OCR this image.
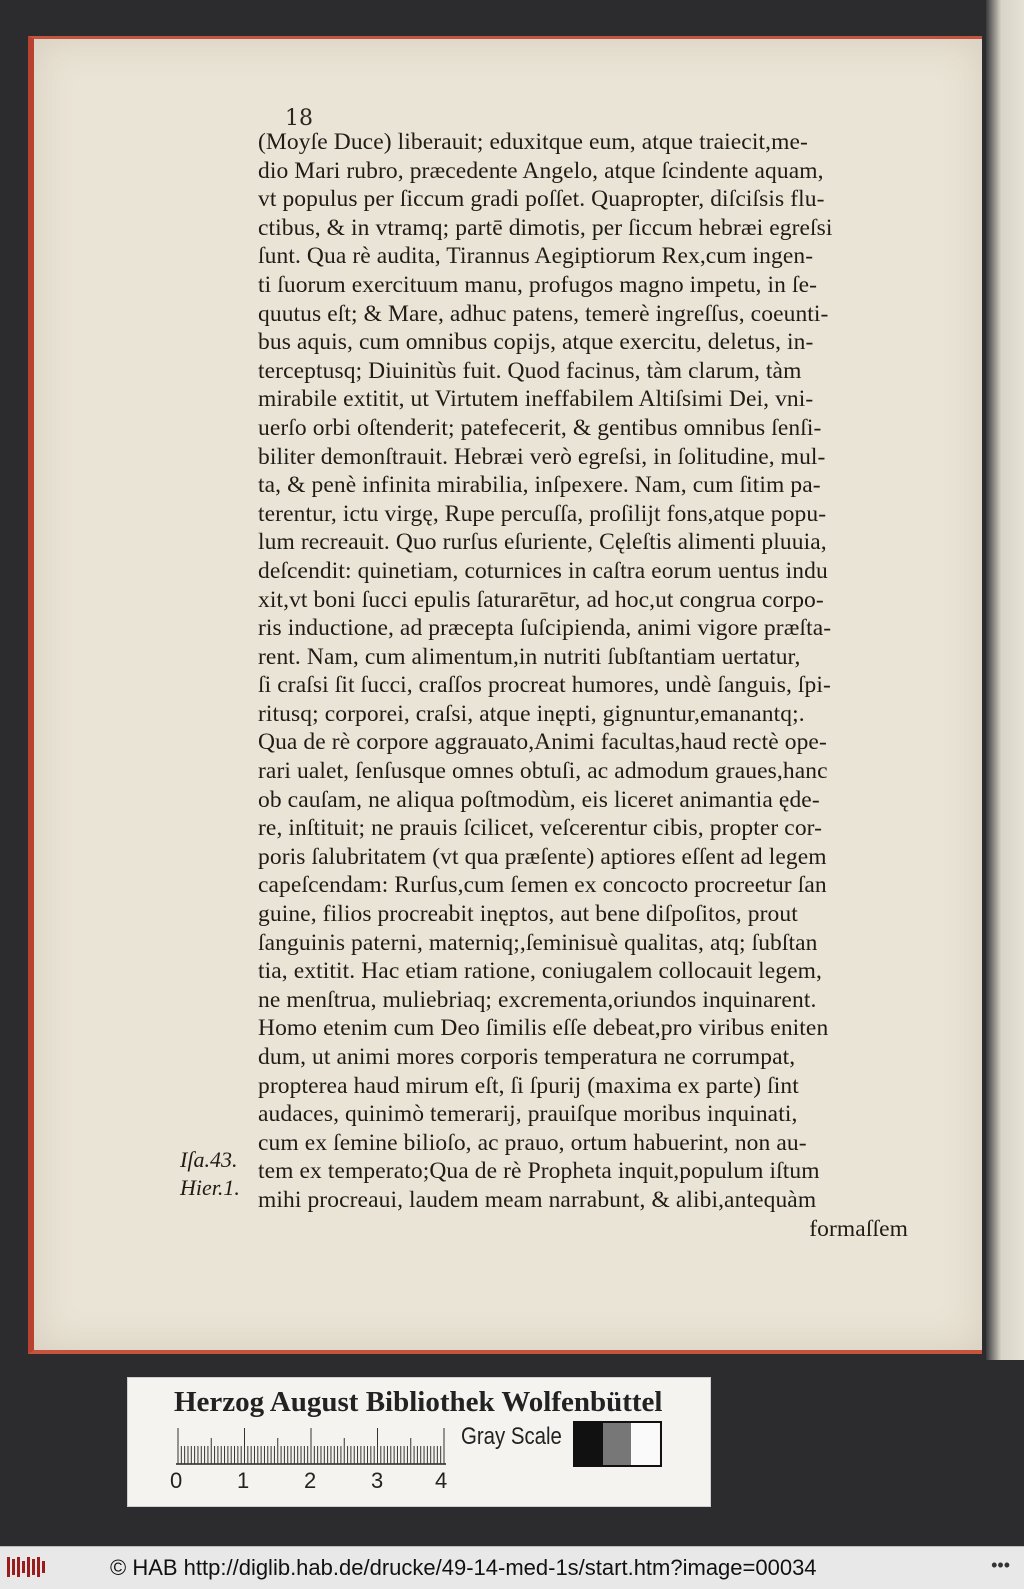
18
(Moyſe Duce) liberauit; eduxitque eum, atque traiecit,me-
dio Mari rubro, præcedente Angelo, atque ſcindente aquam,
vt populus per ſiccum gradi poſſet. Quapropter, diſciſsis flu-
ctibus, & in vtramq; partē dimotis, per ſiccum hebræi egreſsi
ſunt. Qua rè audita, Tirannus Aegiptiorum Rex,cum ingen-
ti ſuorum exercituum manu, profugos magno impetu, in ſe-
quutus eſt; & Mare, adhuc patens, temerè ingreſſus, coeunti-
bus aquis, cum omnibus copijs, atque exercitu, deletus, in-
terceptusq; Diuinitùs fuit. Quod facinus, tàm clarum, tàm
mirabile extitit, ut Virtutem ineffabilem Altiſsimi Dei, vni-
uerſo orbi oſtenderit; patefecerit, & gentibus omnibus ſenſi-
biliter demonſtrauit. Hebræi verò egreſsi, in ſolitudine, mul-
ta, & penè infinita mirabilia, inſpexere. Nam, cum ſitim pa-
terentur, ictu virgę, Rupe percuſſa, proſilijt fons,atque popu-
lum recreauit. Quo rurſus eſuriente, Cęleſtis alimenti pluuia,
deſcendit: quinetiam, coturnices in caſtra eorum uentus indu
xit,vt boni ſucci epulis ſaturarētur, ad hoc,ut congrua corpo-
ris inductione, ad præcepta ſuſcipienda, animi vigore præſta-
rent. Nam, cum alimentum,in nutriti ſubſtantiam uertatur,
ſi craſsi ſit ſucci, craſſos procreat humores, undè ſanguis, ſpi-
ritusq; corporei, craſsi, atque inępti, gignuntur,emanantq;.
Qua de rè corpore aggrauato,Animi facultas,haud rectè ope-
rari ualet, ſenſusque omnes obtuſi, ac admodum graues,hanc
ob cauſam, ne aliqua poſtmodùm, eis liceret animantia ęde-
re, inſtituit; ne prauis ſcilicet, veſcerentur cibis, propter cor-
poris ſalubritatem (vt qua præſente) aptiores eſſent ad legem
capeſcendam: Rurſus,cum ſemen ex concocto procreetur ſan
guine, filios procreabit inęptos, aut bene diſpoſitos, prout
ſanguinis paterni, materniq;,ſeminisuè qualitas, atq; ſubſtan
tia, extitit. Hac etiam ratione, coniugalem collocauit legem,
ne menſtrua, muliebriaq; excrementa,oriundos inquinarent.
Homo etenim cum Deo ſimilis eſſe debeat,pro viribus eniten
dum, ut animi mores corporis temperatura ne corrumpat,
propterea haud mirum eſt, ſi ſpurij (maxima ex parte) ſint
audaces, quinimò temerarij, prauiſque moribus inquinati,
cum ex ſemine bilioſo, ac prauo, ortum habuerint, non au-
tem ex temperato;Qua de rè Propheta inquit,populum iſtum
mihi procreaui, laudem meam narrabunt, & alibi,antequàm
formaſſem
Iſa.43.
Hier.1.
Herzog August Bibliothek Wolfenbüttel
0 1 2 3 4
Gray Scale
© HAB http://diglib.hab.de/drucke/49-14-med-1s/start.htm?image=00034	•••
